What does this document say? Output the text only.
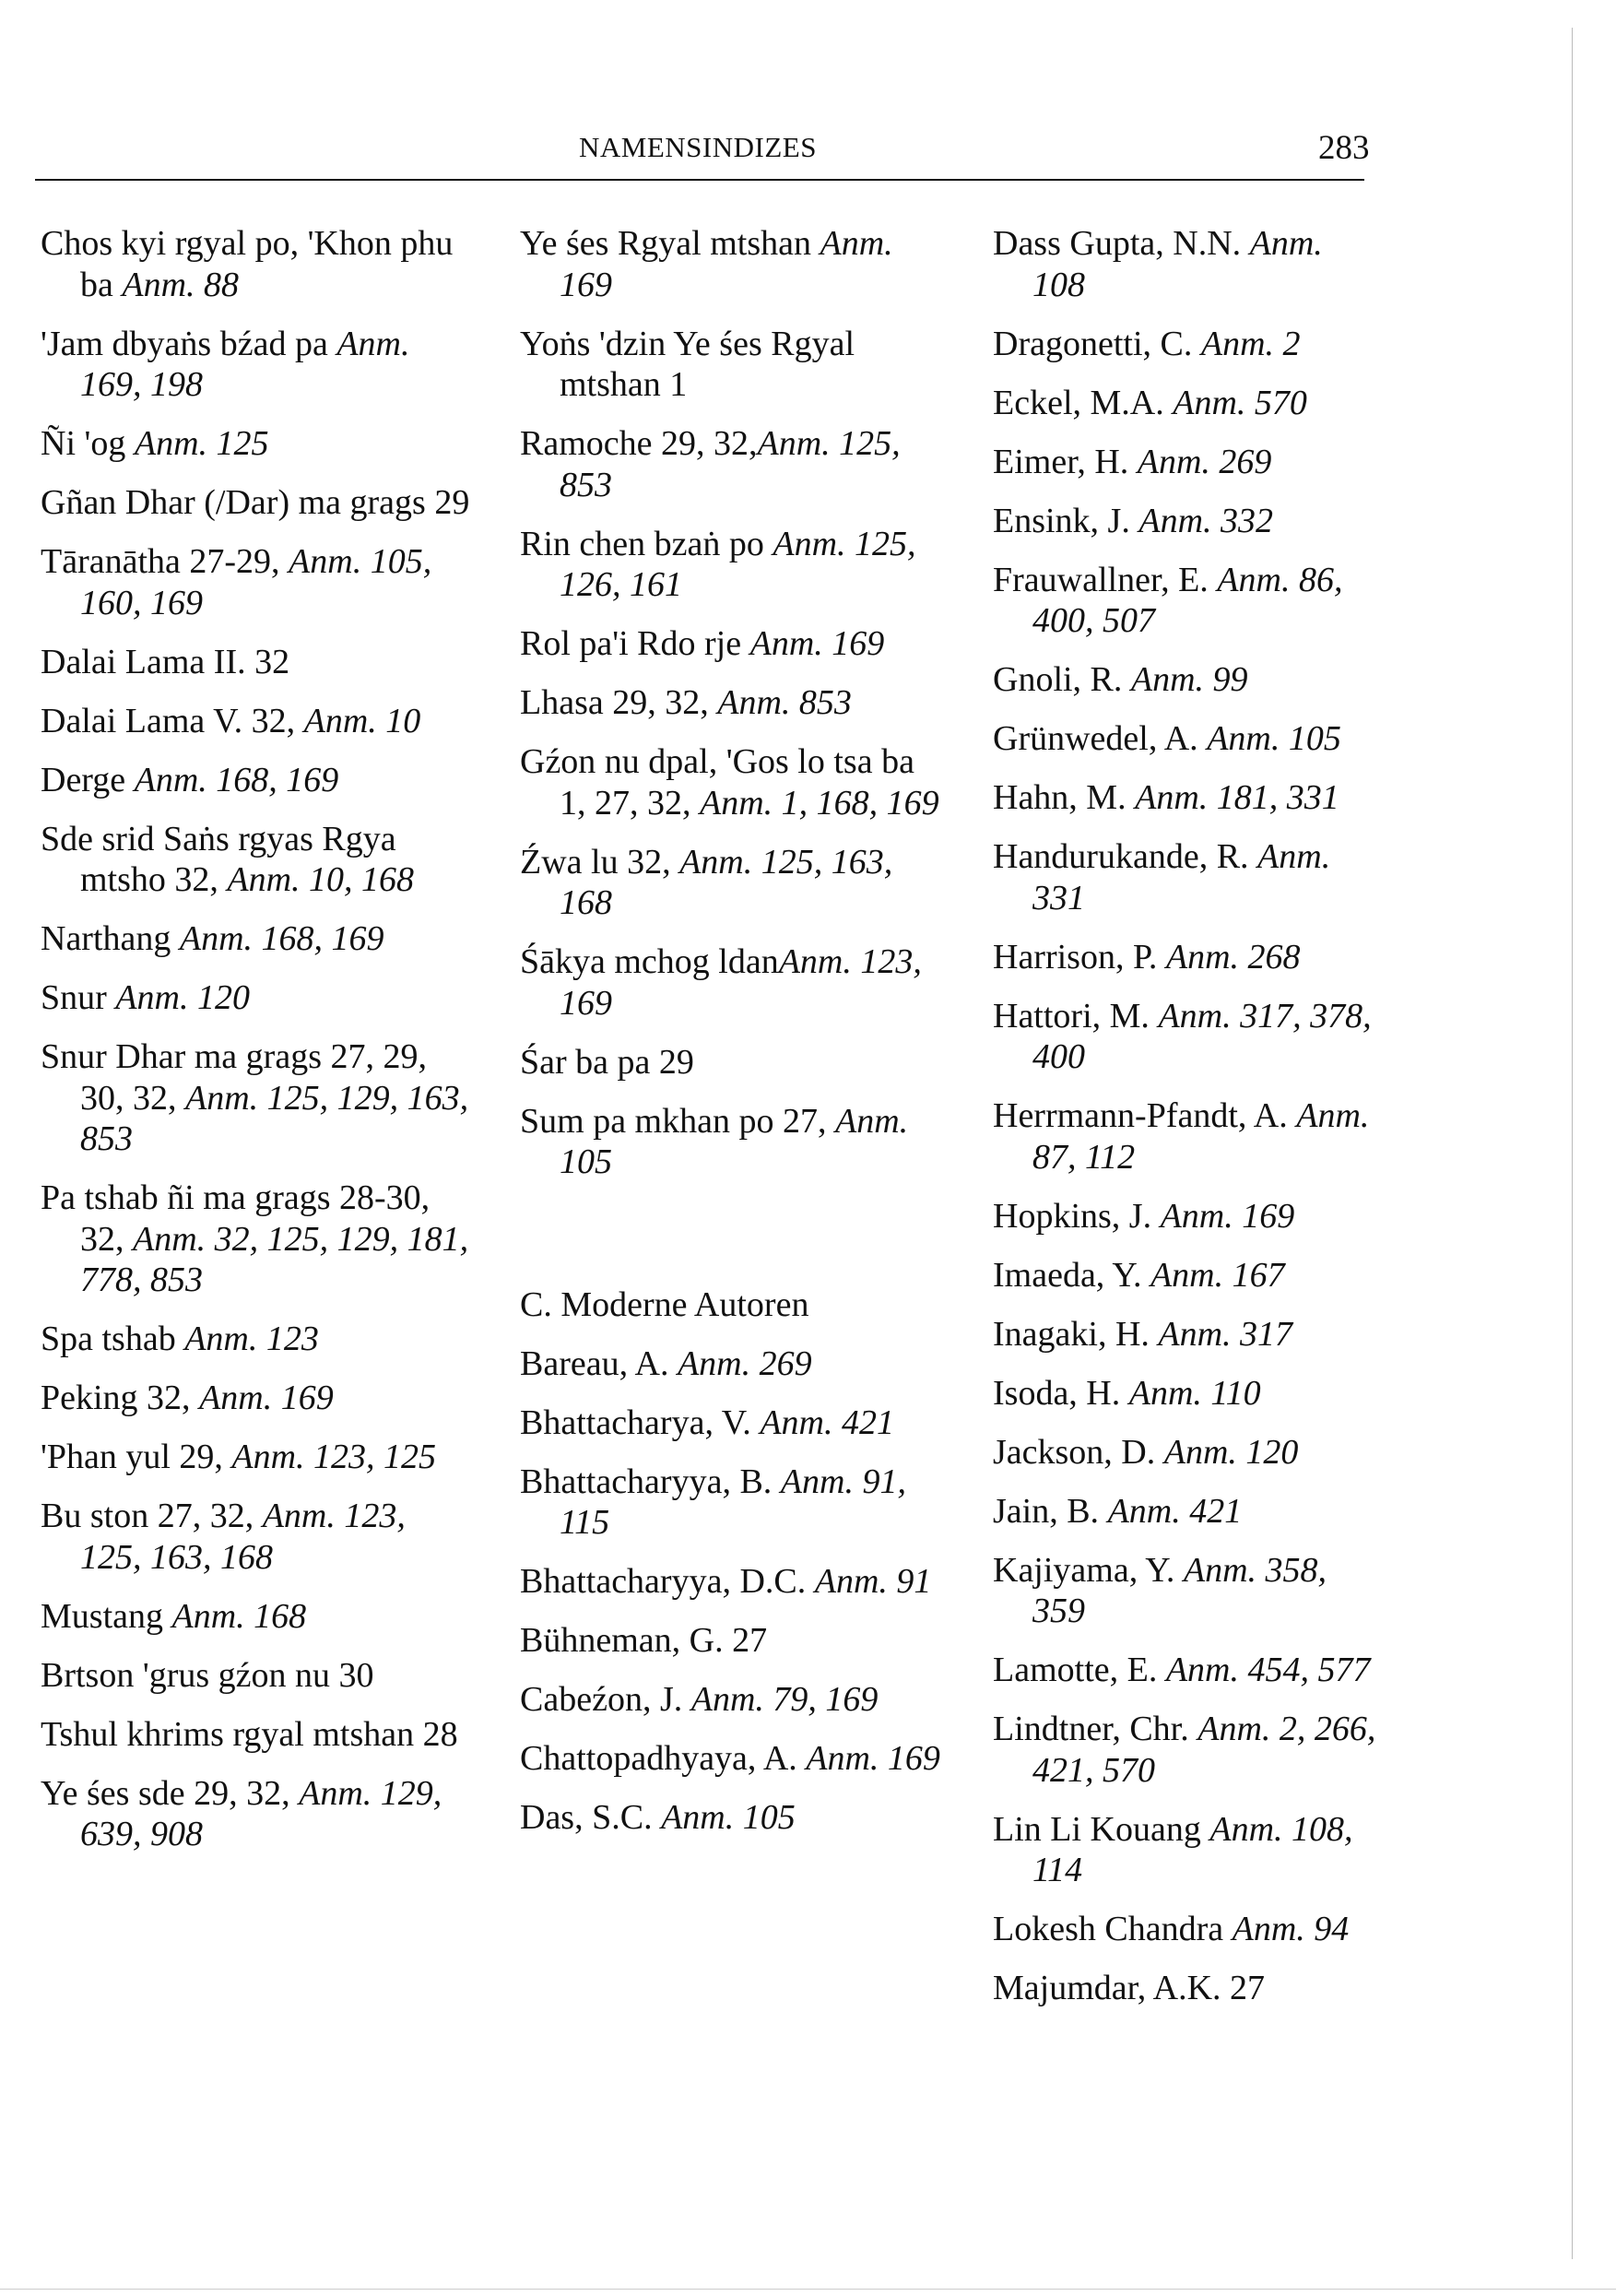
NAMENSINDIZES	283
Chos kyi rgyal po, 'Khon phu ba Anm. 88
'Jam dbyaṅs bźad pa Anm. 169, 198
Ñi 'og Anm. 125
Gñan Dhar (/Dar) ma grags 29
Tāranātha 27-29, Anm. 105, 160, 169
Dalai Lama II. 32
Dalai Lama V. 32, Anm. 10
Derge Anm. 168, 169
Sde srid Saṅs rgyas Rgya mtsho 32, Anm. 10, 168
Narthang Anm. 168, 169
Snur Anm. 120
Snur Dhar ma grags 27, 29, 30, 32, Anm. 125, 129, 163, 853
Pa tshab ñi ma grags 28-30, 32, Anm. 32, 125, 129, 181, 778, 853
Spa tshab Anm. 123
Peking 32, Anm. 169
'Phan yul 29, Anm. 123, 125
Bu ston 27, 32, Anm. 123, 125, 163, 168
Mustang Anm. 168
Brtson 'grus gźon nu 30
Tshul khrims rgyal mtshan 28
Ye śes sde 29, 32, Anm. 129, 639, 908
Ye śes Rgyal mtshan Anm. 169
Yoṅs 'dzin Ye śes Rgyal mtshan 1
Ramoche 29, 32,Anm. 125, 853
Rin chen bzaṅ po Anm. 125, 126, 161
Rol pa'i Rdo rje Anm. 169
Lhasa 29, 32, Anm. 853
Gźon nu dpal, 'Gos lo tsa ba 1, 27, 32, Anm. 1, 168, 169
Źwa lu 32, Anm. 125, 163, 168
Śākya mchog ldanAnm. 123, 169
Śar ba pa 29
Sum pa mkhan po 27, Anm. 105
C. Moderne Autoren
Bareau, A. Anm. 269
Bhattacharya, V. Anm. 421
Bhattacharyya, B. Anm. 91, 115
Bhattacharyya, D.C. Anm. 91
Bühneman, G. 27
Cabeźon, J. Anm. 79, 169
Chattopadhyaya, A. Anm. 169
Das, S.C. Anm. 105
Dass Gupta, N.N. Anm. 108
Dragonetti, C. Anm. 2
Eckel, M.A. Anm. 570
Eimer, H. Anm. 269
Ensink, J. Anm. 332
Frauwallner, E. Anm. 86, 400, 507
Gnoli, R. Anm. 99
Grünwedel, A. Anm. 105
Hahn, M. Anm. 181, 331
Handurukande, R. Anm. 331
Harrison, P. Anm. 268
Hattori, M. Anm. 317, 378, 400
Herrmann-Pfandt, A. Anm. 87, 112
Hopkins, J. Anm. 169
Imaeda, Y. Anm. 167
Inagaki, H. Anm. 317
Isoda, H. Anm. 110
Jackson, D. Anm. 120
Jain, B. Anm. 421
Kajiyama, Y. Anm. 358, 359
Lamotte, E. Anm. 454, 577
Lindtner, Chr. Anm. 2, 266, 421, 570
Lin Li Kouang Anm. 108, 114
Lokesh Chandra Anm. 94
Majumdar, A.K. 27
